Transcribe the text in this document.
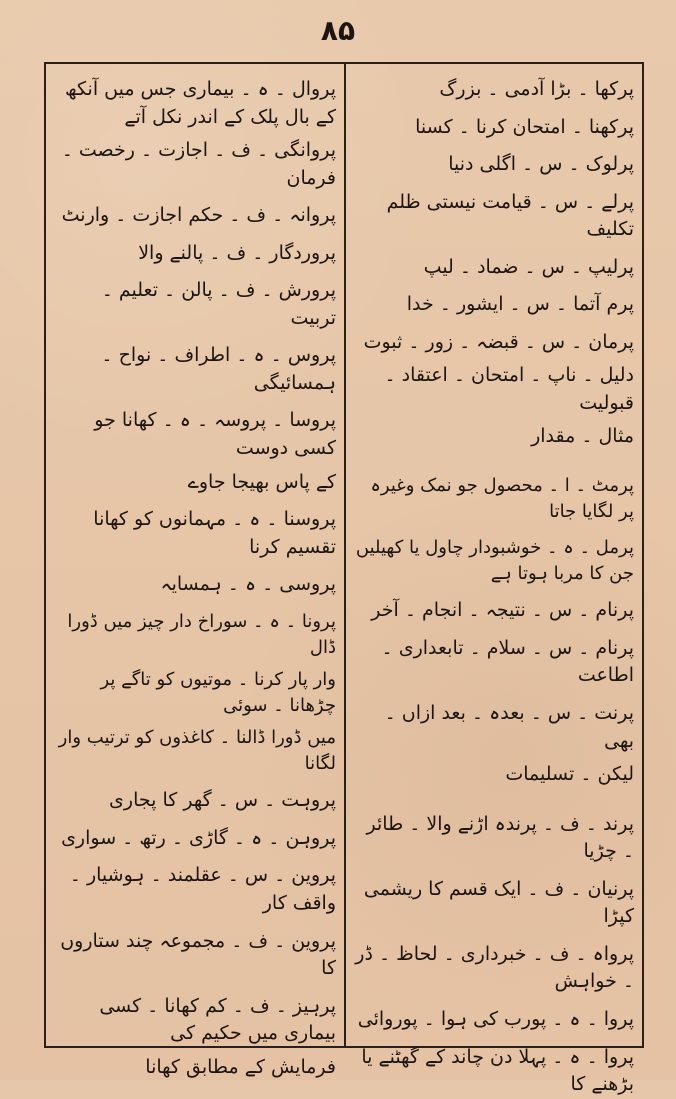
۸۵
پروال ۔ ہ ۔ بیماری جس میں آنکھ کے بال پلک کے اندر نکل آتے
پروانگی ۔ ف ۔ اجازت ۔ رخصت ۔ فرمان
پروانہ ۔ ف ۔ حکم اجازت ۔ وارنٹ
پروردگار ۔ ف ۔ پالنے والا
پرورش ۔ ف ۔ پالن ۔ تعلیم ۔ تربیت
پروس ۔ ہ ۔ اطراف ۔ نواح ۔ ہمسائیگی
پروسا ۔ پروسہ ۔ ہ ۔ کھانا جو کسی دوست
کے پاس بھیجا جاوے
پروسنا ۔ ہ ۔ مہمانوں کو کھانا تقسیم کرنا
پروسی ۔ ہ ۔ ہمسایہ
پرونا ۔ ہ ۔ سوراخ دار چیز میں ڈورا ڈال
وار پار کرنا ۔ موتیوں کو تاگے پر چڑھانا ۔ سوئی
میں ڈورا ڈالنا ۔ کاغذوں کو ترتیب وار لگانا
پروہت ۔ س ۔ گھر کا پجاری
پروہن ۔ ہ ۔ گاڑی ۔ رتھ ۔ سواری
پروین ۔ س ۔ عقلمند ۔ ہوشیار ۔ واقف کار
پروین ۔ ف ۔ مجموعہ چند ستاروں کا
پرہیز ۔ ف ۔ کم کھانا ۔ کسی بیماری میں حکیم کی
فرمایش کے مطابق کھانا
پرکھا ۔ بڑا آدمی ۔ بزرگ
پرکھنا ۔ امتحان کرنا ۔ کسنا
پرلوک ۔ س ۔ اگلی دنیا
پرلے ۔ س ۔ قیامت نیستی ظلم تکلیف
پرلیپ ۔ س ۔ ضماد ۔ لیپ
پرم آتما ۔ س ۔ ایشور ۔ خدا
پرمان ۔ س ۔ قبضہ ۔ زور ۔ ثبوت
دلیل ۔ ناپ ۔ امتحان ۔ اعتقاد ۔ قبولیت
مثال ۔ مقدار
پرمٹ ۔ ا ۔ محصول جو نمک وغیرہ پر لگایا جاتا
پرمل ۔ ہ ۔ خوشبودار چاول یا کھیلیں جن کا مربا ہوتا ہے
پرنام ۔ س ۔ نتیجہ ۔ انجام ۔ آخر
پرنام ۔ س ۔ سلام ۔ تابعداری ۔ اطاعت
پرنت ۔ س ۔ بعدہ ۔ بعد ازاں ۔ بھی
لیکن ۔ تسلیمات
پرند ۔ ف ۔ پرندہ اڑنے والا ۔ طائر ۔ چڑیا
پرنیان ۔ ف ۔ ایک قسم کا ریشمی کپڑا
پرواہ ۔ ف ۔ خبرداری ۔ لحاظ ۔ ڈر ۔ خواہش
پروا ۔ ہ ۔ پورب کی ہوا ۔ پوروائی
پروا ۔ ہ ۔ پہلا دن چاند کے گھٹنے یا بڑھنے کا
